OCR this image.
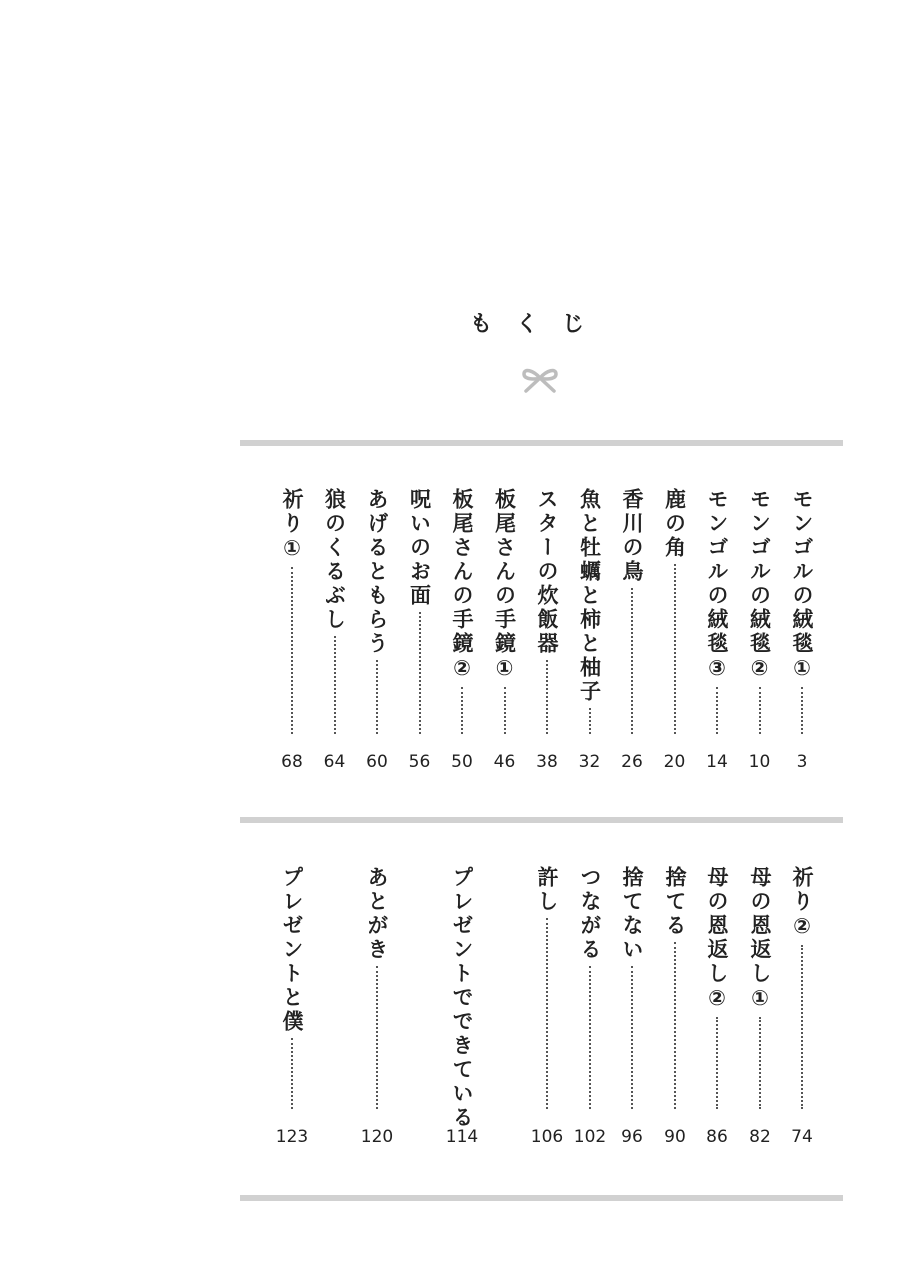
もくじ
モンゴルの絨毯①
3
モンゴルの絨毯②
10
モンゴルの絨毯③
14
鹿の角
20
香川の鳥
26
魚と牡蠣と柿と柚子
32
スターの炊飯器
38
板尾さんの手鏡①
46
板尾さんの手鏡②
50
呪いのお面
56
あげるともらう
60
狼のくるぶし
64
祈り①
68
祈り②
74
母の恩返し①
82
母の恩返し②
86
捨てる
90
捨てない
96
つながる
102
許し
106
プレゼントでできている
114
あとがき
120
プレゼントと僕
123
